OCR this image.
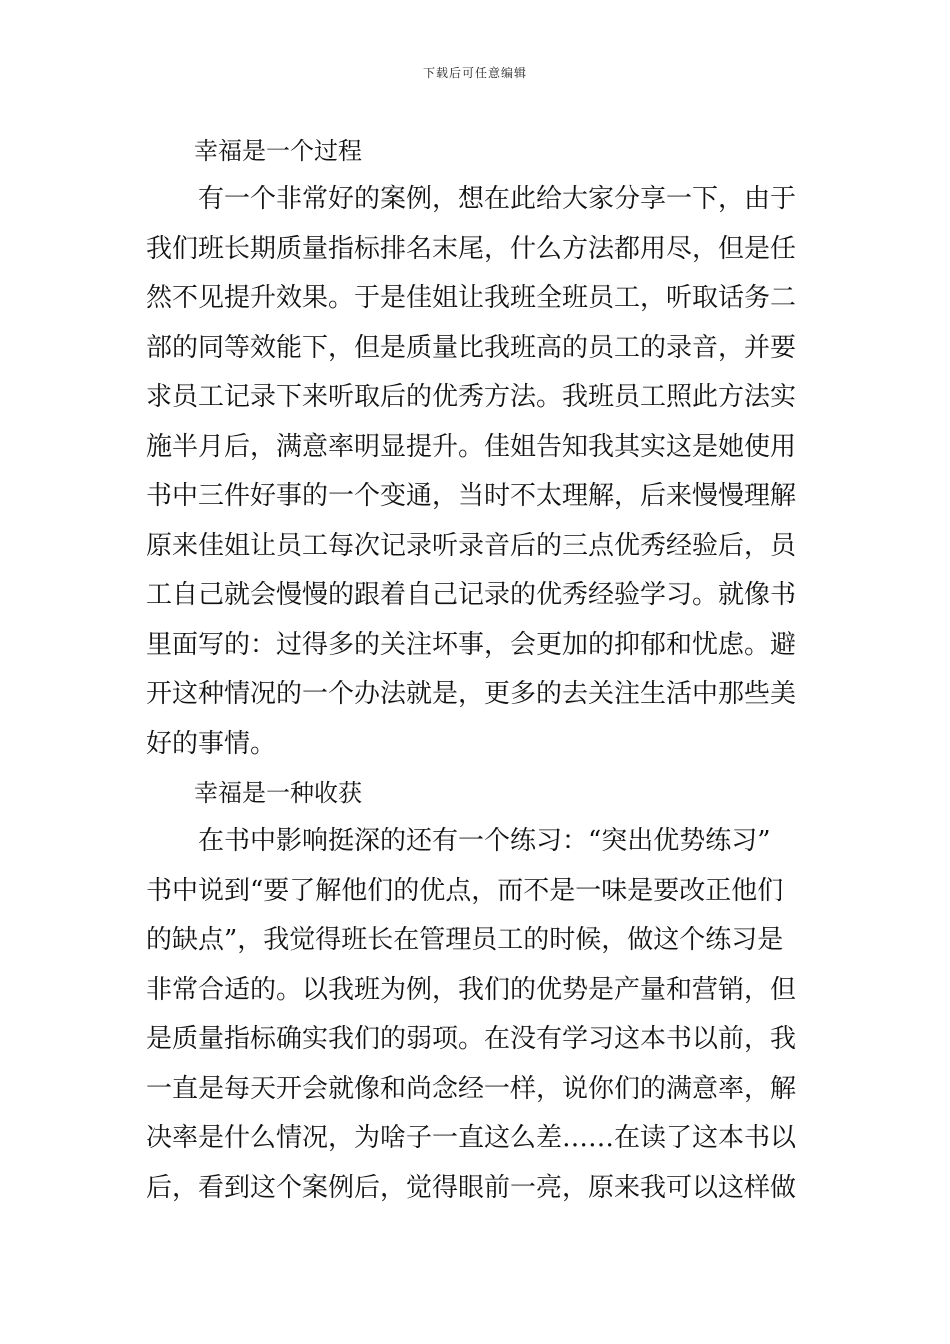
下载后可任意编辑
幸福是一个过程

有一个非常好的案例，想在此给大家分享一下，由于

我们班长期质量指标排名末尾，什么方法都用尽，但是任

然不见提升效果。于是佳姐让我班全班员工，听取话务二

部的同等效能下，但是质量比我班高的员工的录音，并要

求员工记录下来听取后的优秀方法。我班员工照此方法实

施半月后，满意率明显提升。佳姐告知我其实这是她使用

书中三件好事的一个变通，当时不太理解，后来慢慢理解

原来佳姐让员工每次记录听录音后的三点优秀经验后，员

工自己就会慢慢的跟着自己记录的优秀经验学习。就像书

里面写的：过得多的关注坏事，会更加的抑郁和忧虑。避

开这种情况的一个办法就是，更多的去关注生活中那些美

好的事情。

幸福是一种收获

在书中影响挺深的还有一个练习：“突出优势练习”

书中说到“要了解他们的优点，而不是一味是要改正他们

的缺点”，我觉得班长在管理员工的时候，做这个练习是

非常合适的。以我班为例，我们的优势是产量和营销，但

是质量指标确实我们的弱项。在没有学习这本书以前，我

一直是每天开会就像和尚念经一样，说你们的满意率，解

决率是什么情况，为啥子一直这么差……在读了这本书以

后，看到这个案例后，觉得眼前一亮，原来我可以这样做
